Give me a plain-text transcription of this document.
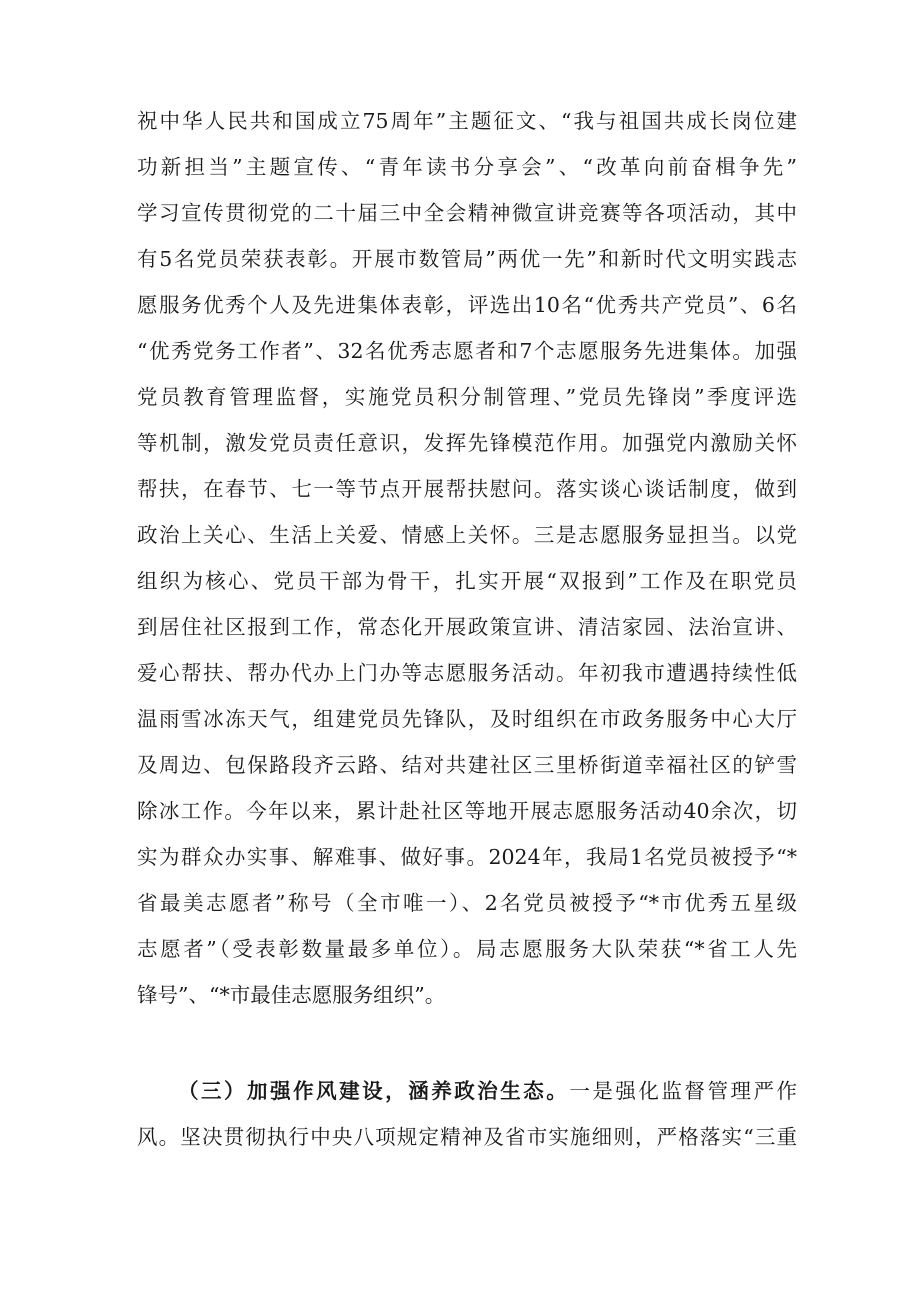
祝中华人民共和国成立75周年”主题征文、“我与祖国共成长岗位建
功新担当”主题宣传、“青年读书分享会”、“改革向前奋楫争先”
学习宣传贯彻党的二十届三中全会精神微宣讲竞赛等各项活动，其中
有5名党员荣获表彰。开展市数管局”两优一先”和新时代文明实践志
愿服务优秀个人及先进集体表彰，评选出10名“优秀共产党员”、6名
“优秀党务工作者”、32名优秀志愿者和7个志愿服务先进集体。加强
党员教育管理监督，实施党员积分制管理、”党员先锋岗”季度评选
等机制，激发党员责任意识，发挥先锋模范作用。加强党内激励关怀
帮扶，在春节、七一等节点开展帮扶慰问。落实谈心谈话制度，做到
政治上关心、生活上关爱、情感上关怀。三是志愿服务显担当。以党
组织为核心、党员干部为骨干，扎实开展“双报到”工作及在职党员
到居住社区报到工作，常态化开展政策宣讲、清洁家园、法治宣讲、
爱心帮扶、帮办代办上门办等志愿服务活动。年初我市遭遇持续性低
温雨雪冰冻天气，组建党员先锋队，及时组织在市政务服务中心大厅
及周边、包保路段齐云路、结对共建社区三里桥街道幸福社区的铲雪
除冰工作。今年以来，累计赴社区等地开展志愿服务活动40余次，切
实为群众办实事、解难事、做好事。2024年，我局1名党员被授予“*
省最美志愿者”称号（全市唯一）、2名党员被授予“*市优秀五星级
志愿者”（受表彰数量最多单位）。局志愿服务大队荣获“*省工人先
锋号”、“*市最佳志愿服务组织”。
（三）加强作风建设，涵养政治生态。一是强化监督管理严作
风。坚决贯彻执行中央八项规定精神及省市实施细则，严格落实“三重
